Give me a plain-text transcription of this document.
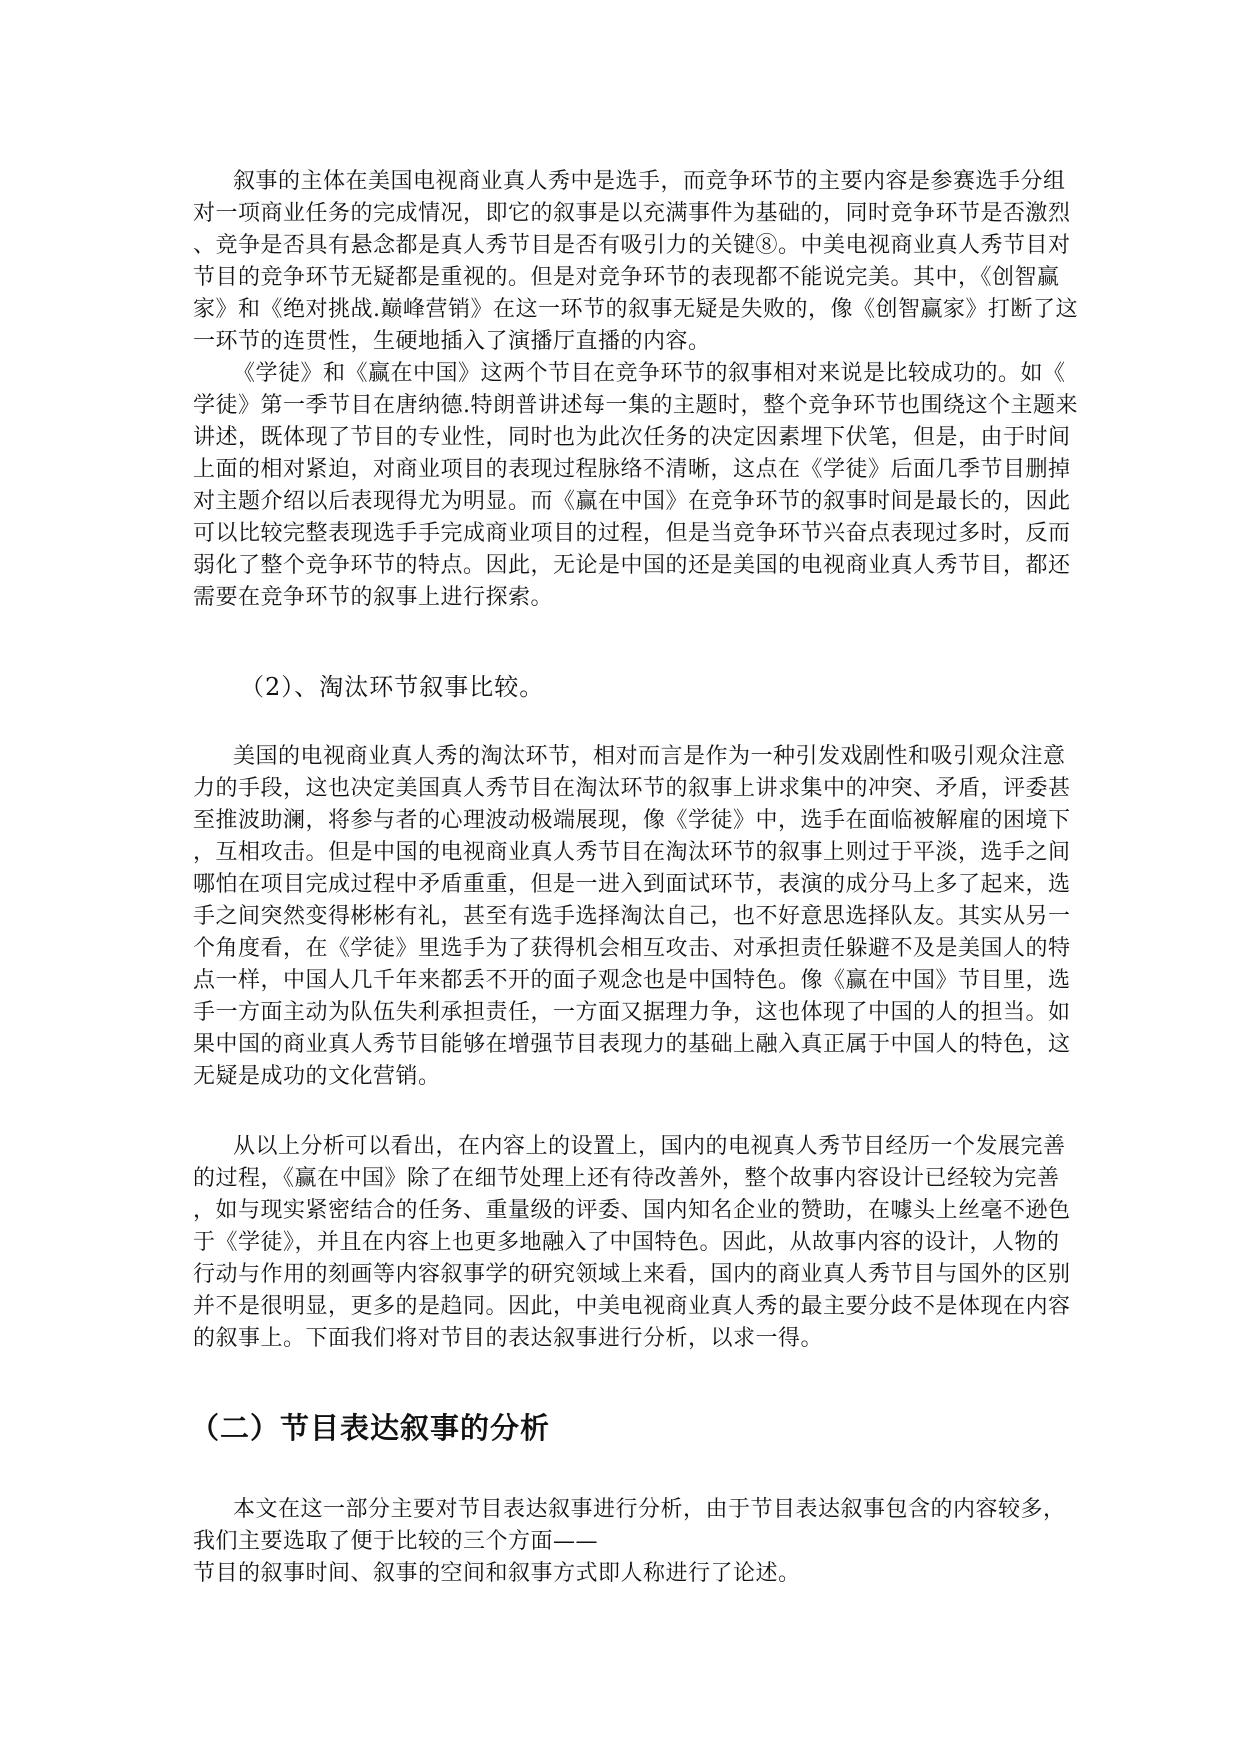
叙事的主体在美国电视商业真人秀中是选手，而竞争环节的主要内容是参赛选手分组
对一项商业任务的完成情况，即它的叙事是以充满事件为基础的，同时竞争环节是否激烈
、竞争是否具有悬念都是真人秀节目是否有吸引力的关键⑧。中美电视商业真人秀节目对
节目的竞争环节无疑都是重视的。但是对竞争环节的表现都不能说完美。其中，《创智赢
家》和《绝对挑战.巅峰营销》在这一环节的叙事无疑是失败的，像《创智赢家》打断了这
一环节的连贯性，生硬地插入了演播厅直播的内容。
《学徒》和《赢在中国》这两个节目在竞争环节的叙事相对来说是比较成功的。如《
学徒》第一季节目在唐纳德.特朗普讲述每一集的主题时，整个竞争环节也围绕这个主题来
讲述，既体现了节目的专业性，同时也为此次任务的决定因素埋下伏笔，但是，由于时间
上面的相对紧迫，对商业项目的表现过程脉络不清晰，这点在《学徒》后面几季节目删掉
对主题介绍以后表现得尤为明显。而《赢在中国》在竞争环节的叙事时间是最长的，因此
可以比较完整表现选手手完成商业项目的过程，但是当竞争环节兴奋点表现过多时，反而
弱化了整个竞争环节的特点。因此，无论是中国的还是美国的电视商业真人秀节目，都还
需要在竞争环节的叙事上进行探索。
（2）、淘汰环节叙事比较。
美国的电视商业真人秀的淘汰环节，相对而言是作为一种引发戏剧性和吸引观众注意
力的手段，这也决定美国真人秀节目在淘汰环节的叙事上讲求集中的冲突、矛盾，评委甚
至推波助澜，将参与者的心理波动极端展现，像《学徒》中，选手在面临被解雇的困境下
，互相攻击。但是中国的电视商业真人秀节目在淘汰环节的叙事上则过于平淡，选手之间
哪怕在项目完成过程中矛盾重重，但是一进入到面试环节，表演的成分马上多了起来，选
手之间突然变得彬彬有礼，甚至有选手选择淘汰自己，也不好意思选择队友。其实从另一
个角度看，在《学徒》里选手为了获得机会相互攻击、对承担责任躲避不及是美国人的特
点一样，中国人几千年来都丢不开的面子观念也是中国特色。像《赢在中国》节目里，选
手一方面主动为队伍失利承担责任，一方面又据理力争，这也体现了中国的人的担当。如
果中国的商业真人秀节目能够在增强节目表现力的基础上融入真正属于中国人的特色，这
无疑是成功的文化营销。
从以上分析可以看出，在内容上的设置上，国内的电视真人秀节目经历一个发展完善
的过程，《赢在中国》除了在细节处理上还有待改善外，整个故事内容设计已经较为完善
，如与现实紧密结合的任务、重量级的评委、国内知名企业的赞助，在噱头上丝毫不逊色
于《学徒》，并且在内容上也更多地融入了中国特色。因此，从故事内容的设计，人物的
行动与作用的刻画等内容叙事学的研究领域上来看，国内的商业真人秀节目与国外的区别
并不是很明显，更多的是趋同。因此，中美电视商业真人秀的最主要分歧不是体现在内容
的叙事上。下面我们将对节目的表达叙事进行分析，以求一得。
（二）节目表达叙事的分析
本文在这一部分主要对节目表达叙事进行分析，由于节目表达叙事包含的内容较多，
我们主要选取了便于比较的三个方面——
节目的叙事时间、叙事的空间和叙事方式即人称进行了论述。
